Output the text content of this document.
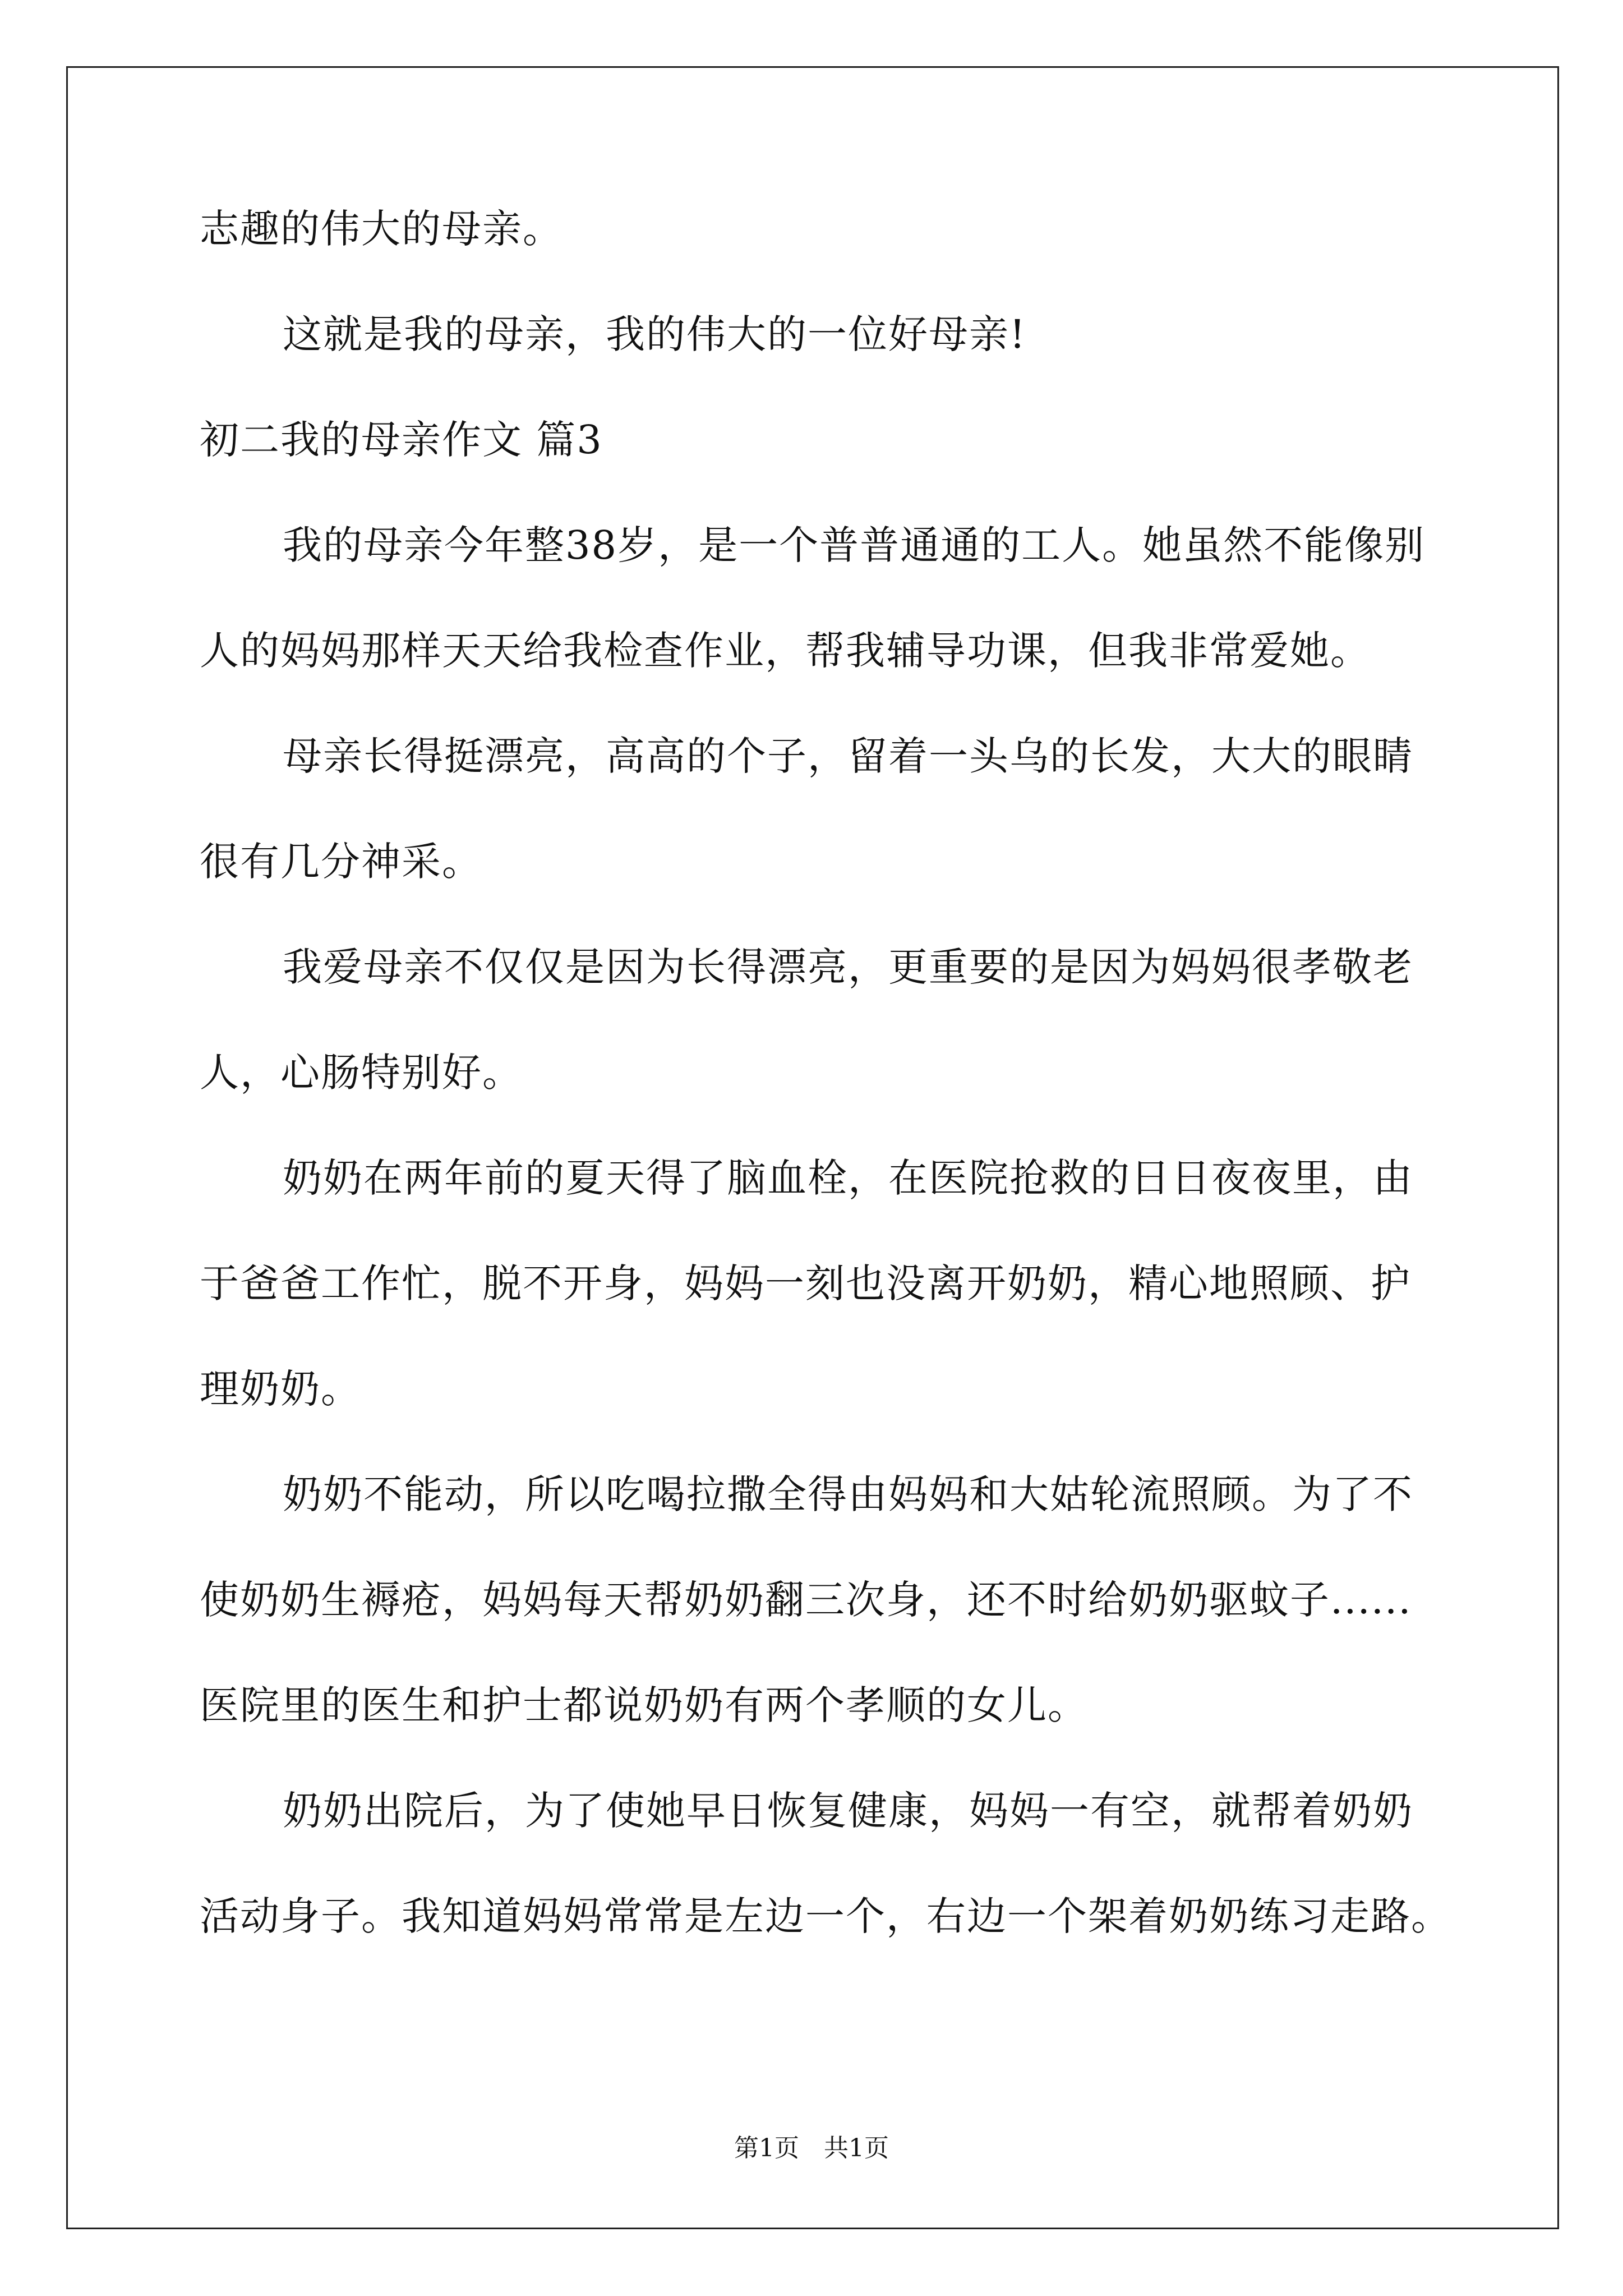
志趣的伟大的母亲。
这就是我的母亲，我的伟大的一位好母亲!
初二我的母亲作文 篇3
我的母亲今年整38岁，是一个普普通通的工人。她虽然不能像别
人的妈妈那样天天给我检查作业，帮我辅导功课，但我非常爱她。
母亲长得挺漂亮，高高的个子，留着一头乌的长发，大大的眼睛
很有几分神采。
我爱母亲不仅仅是因为长得漂亮，更重要的是因为妈妈很孝敬老
人，心肠特别好。
奶奶在两年前的夏天得了脑血栓，在医院抢救的日日夜夜里，由
于爸爸工作忙，脱不开身，妈妈一刻也没离开奶奶，精心地照顾、护
理奶奶。
奶奶不能动，所以吃喝拉撒全得由妈妈和大姑轮流照顾。为了不
使奶奶生褥疮，妈妈每天帮奶奶翻三次身，还不时给奶奶驱蚊子......
医院里的医生和护士都说奶奶有两个孝顺的女儿。
奶奶出院后，为了使她早日恢复健康，妈妈一有空，就帮着奶奶
活动身子。我知道妈妈常常是左边一个，右边一个架着奶奶练习走路。
第1页　共1页
